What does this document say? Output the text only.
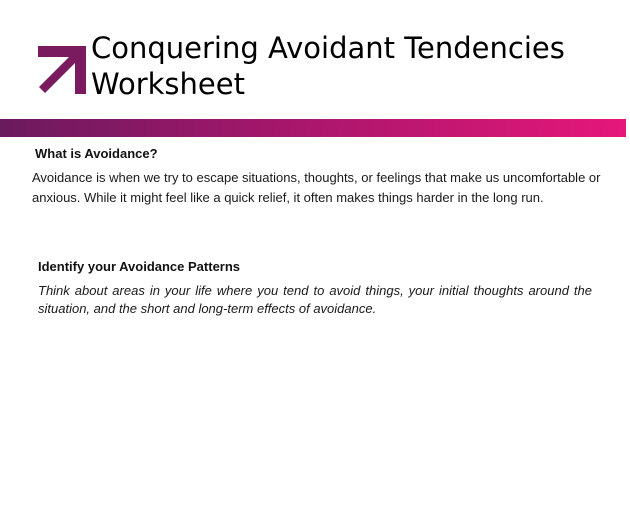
Conquering Avoidant Tendencies Worksheet
What is Avoidance?

Avoidance is when we try to escape situations, thoughts, or feelings that make us uncomfortable or anxious. While it might feel like a quick relief, it often makes things harder in the long run.

Identify your Avoidance Patterns

Think about areas in your life where you tend to avoid things, your initial thoughts around the situation, and the short and long-term effects of avoidance.
